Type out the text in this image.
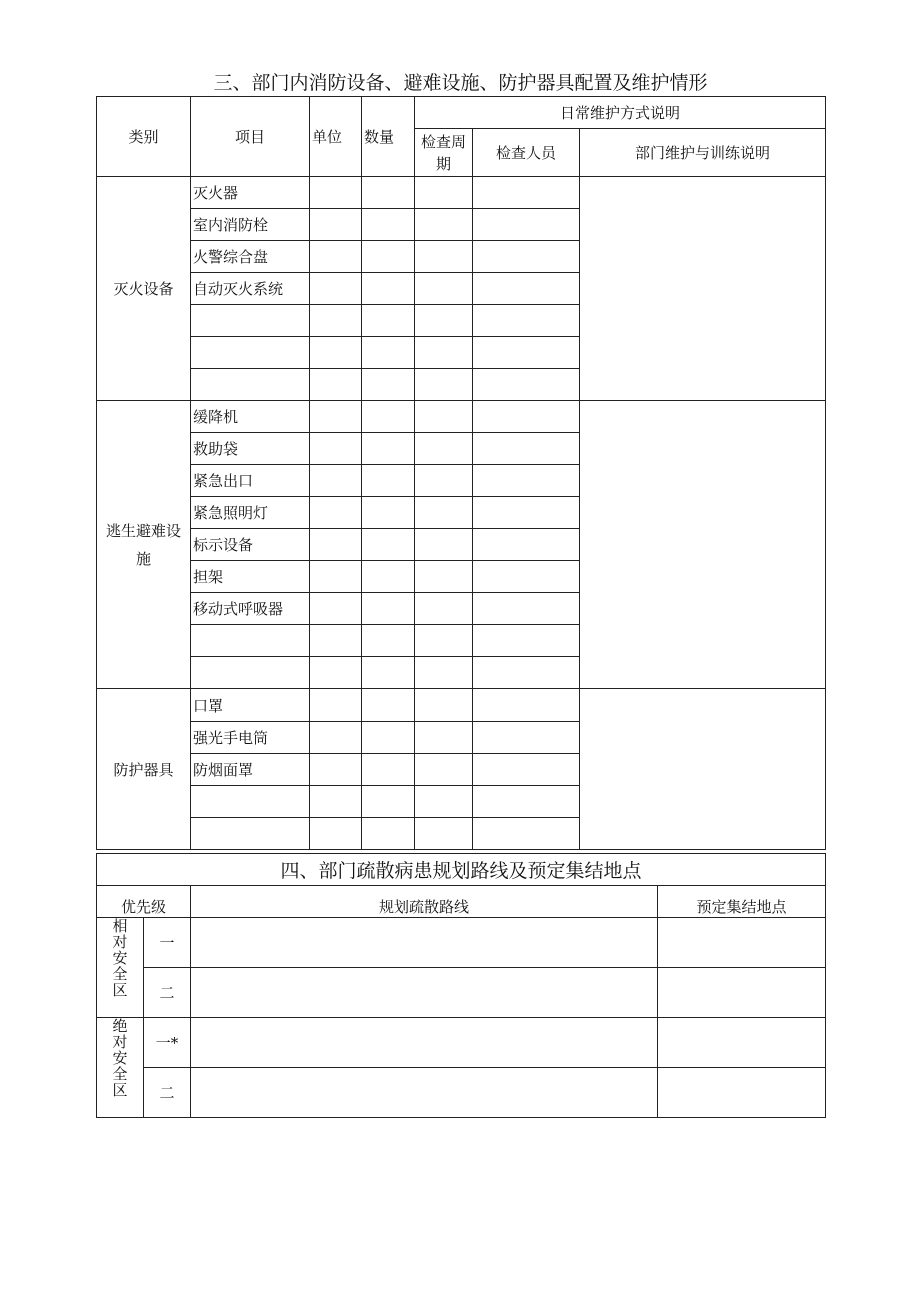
三、部门内消防设备、避难设施、防护器具配置及维护情形
类别	项目	单位	数量	日常维护方式说明		
				检查周期	检查人员	部门维护与训练说明
灭火设备	灭火器					
	室内消防栓					
	火警综合盘					
	自动灭火系统					

逃生避难设施	缓降机					
	救助袋					
	紧急出口					
	紧急照明灯					
	标示设备					
	担架					
	移动式呼吸器					

防护器具	口罩					
	强光手电筒					
	防烟面罩					

四、部门疏散病患规划路线及预定集结地点			
优先级		规划疏散路线	预定集结地点
相对安全区	一		
	二		
绝对安全区	一*		
	二		
